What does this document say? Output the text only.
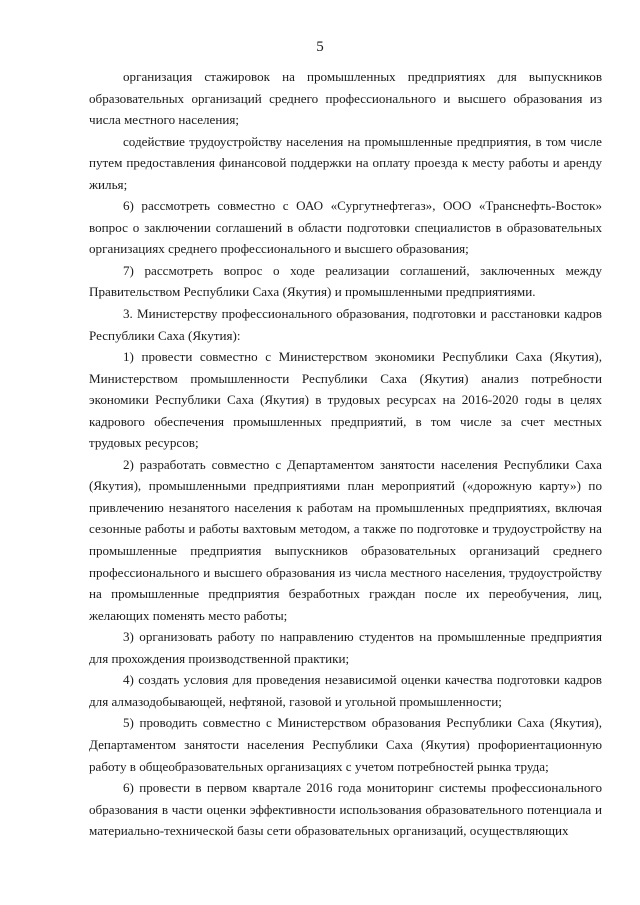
5

организация стажировок на промышленных предприятиях для выпускников образовательных организаций среднего профессионального и высшего образования из числа местного населения;

содействие трудоустройству населения на промышленные предприятия, в том числе путем предоставления финансовой поддержки на оплату проезда к месту работы и аренду жилья;

6) рассмотреть совместно с ОАО «Сургутнефтегаз», ООО «Транснефть-Восток» вопрос о заключении соглашений в области подготовки специалистов в образовательных организациях среднего профессионального и высшего образования;

7) рассмотреть вопрос о ходе реализации соглашений, заключенных между Правительством Республики Саха (Якутия) и промышленными предприятиями.

3. Министерству профессионального образования, подготовки и расстановки кадров Республики Саха (Якутия):

1) провести совместно с Министерством экономики Республики Саха (Якутия), Министерством промышленности Республики Саха (Якутия) анализ потребности экономики Республики Саха (Якутия) в трудовых ресурсах на 2016-2020 годы в целях кадрового обеспечения промышленных предприятий, в том числе за счет местных трудовых ресурсов;

2) разработать совместно с Департаментом занятости населения Республики Саха (Якутия), промышленными предприятиями план мероприятий («дорожную карту») по привлечению незанятого населения к работам на промышленных предприятиях, включая сезонные работы и работы вахтовым методом, а также по подготовке и трудоустройству на промышленные предприятия выпускников образовательных организаций среднего профессионального и высшего образования из числа местного населения, трудоустройству на промышленные предприятия безработных граждан после их переобучения, лиц, желающих поменять место работы;

3) организовать работу по направлению студентов на промышленные предприятия для прохождения производственной практики;

4) создать условия для проведения независимой оценки качества подготовки кадров для алмазодобывающей, нефтяной, газовой и угольной промышленности;

5) проводить совместно с Министерством образования Республики Саха (Якутия), Департаментом занятости населения Республики Саха (Якутия) профориентационную работу в общеобразовательных организациях с учетом потребностей рынка труда;

6) провести в первом квартале 2016 года мониторинг системы профессионального образования в части оценки эффективности использования образовательного потенциала и материально-технической базы сети образовательных организаций, осуществляющих
